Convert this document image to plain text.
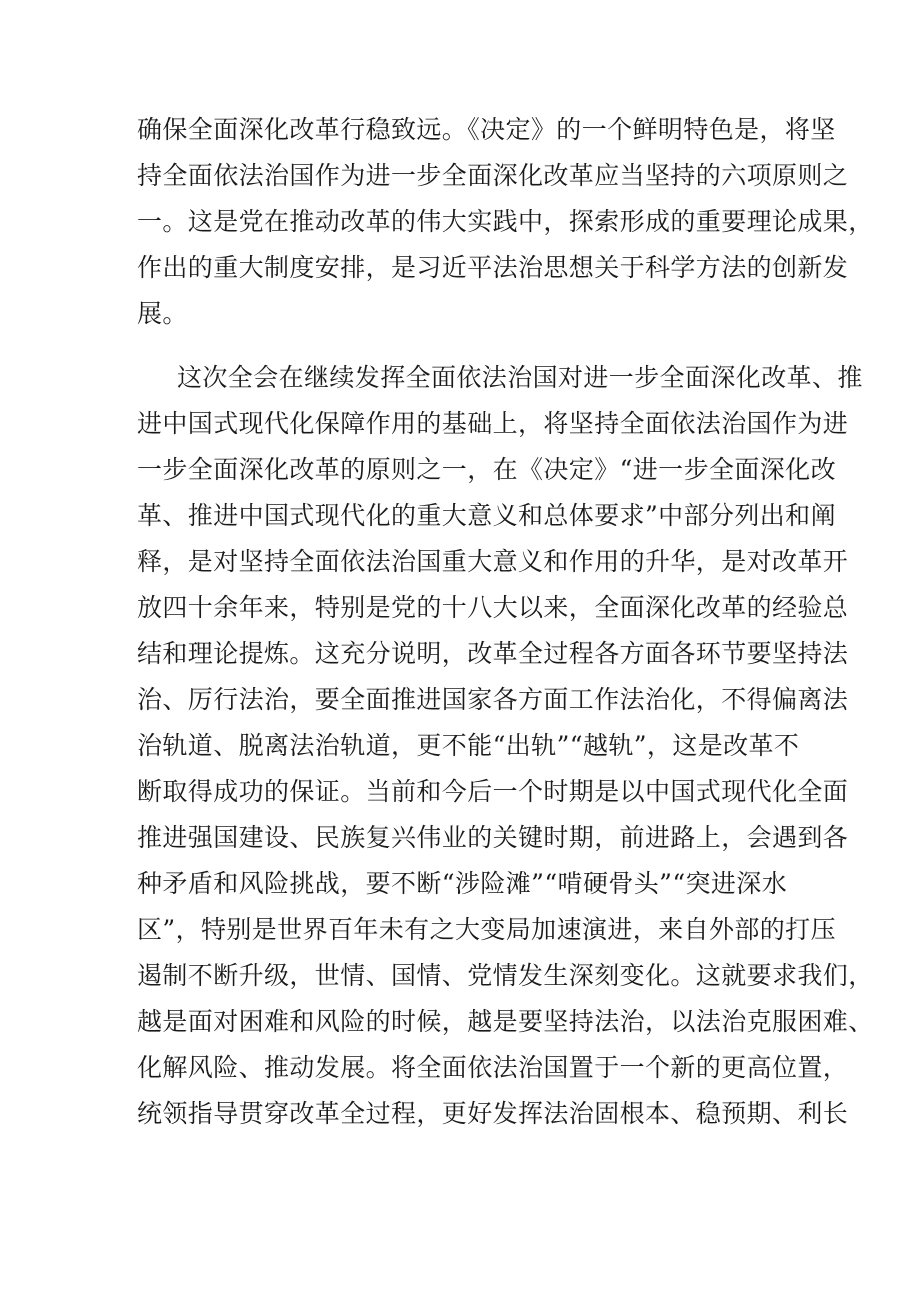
确保全面深化改革行稳致远。《决定》的一个鲜明特色是，将坚
持全面依法治国作为进一步全面深化改革应当坚持的六项原则之
一。这是党在推动改革的伟大实践中，探索形成的重要理论成果，
作出的重大制度安排，是习近平法治思想关于科学方法的创新发
展。
这次全会在继续发挥全面依法治国对进一步全面深化改革、推
进中国式现代化保障作用的基础上，将坚持全面依法治国作为进
一步全面深化改革的原则之一，在《决定》“进一步全面深化改
革、推进中国式现代化的重大意义和总体要求”中部分列出和阐
释，是对坚持全面依法治国重大意义和作用的升华，是对改革开
放四十余年来，特别是党的十八大以来，全面深化改革的经验总
结和理论提炼。这充分说明，改革全过程各方面各环节要坚持法
治、厉行法治，要全面推进国家各方面工作法治化，不得偏离法
治轨道、脱离法治轨道，更不能“出轨”“越轨”，这是改革不
断取得成功的保证。当前和今后一个时期是以中国式现代化全面
推进强国建设、民族复兴伟业的关键时期，前进路上，会遇到各
种矛盾和风险挑战，要不断“涉险滩”“啃硬骨头”“突进深水
区”，特别是世界百年未有之大变局加速演进，来自外部的打压
遏制不断升级，世情、国情、党情发生深刻变化。这就要求我们，
越是面对困难和风险的时候，越是要坚持法治，以法治克服困难、
化解风险、推动发展。将全面依法治国置于一个新的更高位置，
统领指导贯穿改革全过程，更好发挥法治固根本、稳预期、利长
